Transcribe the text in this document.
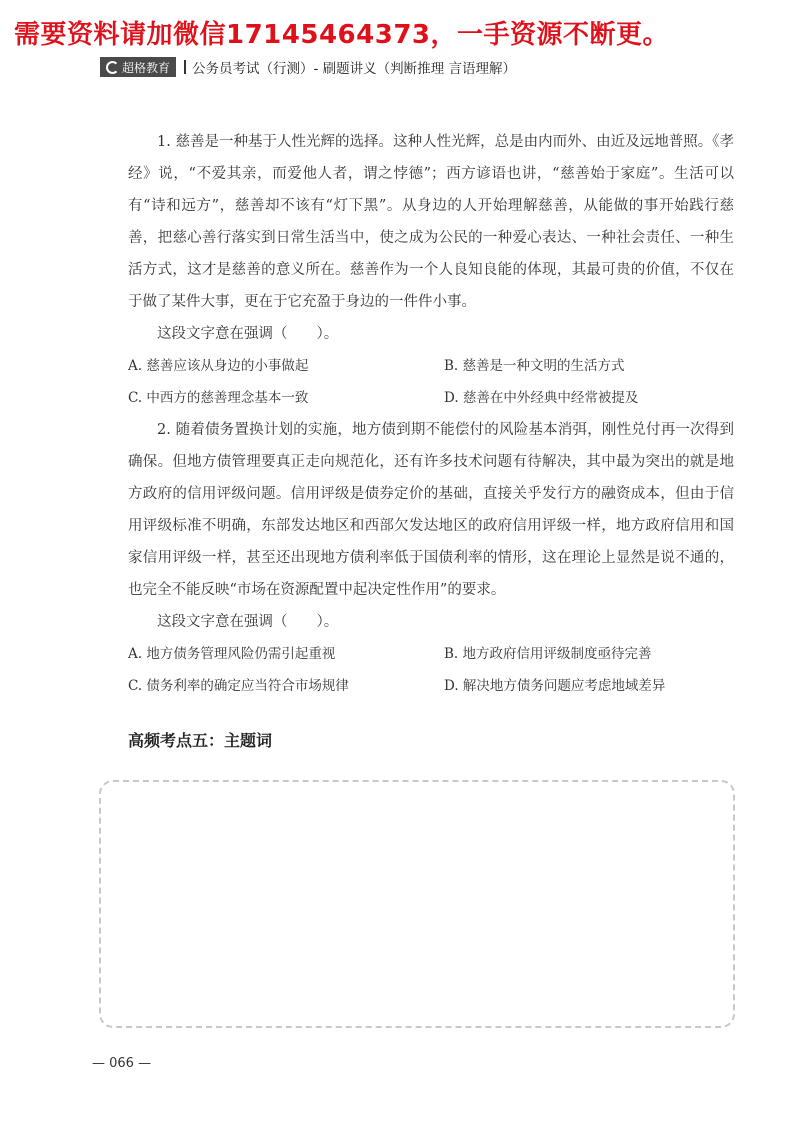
需要资料请加微信17145464373，一手资源不断更。
超格教育 公务员考试（行测）- 刷题讲义（判断推理 言语理解）

1. 慈善是一种基于人性光辉的选择。这种人性光辉，总是由内而外、由近及远地普照。《孝经》说，“不爱其亲，而爱他人者，谓之悖德”；西方谚语也讲，“慈善始于家庭”。生活可以有“诗和远方”，慈善却不该有“灯下黑”。从身边的人开始理解慈善，从能做的事开始践行慈善，把慈心善行落实到日常生活当中，使之成为公民的一种爱心表达、一种社会责任、一种生活方式，这才是慈善的意义所在。慈善作为一个人良知良能的体现，其最可贵的价值，不仅在于做了某件大事，更在于它充盈于身边的一件件小事。

这段文字意在强调（　　）。

A. 慈善应该从身边的小事做起	B. 慈善是一种文明的生活方式
C. 中西方的慈善理念基本一致	D. 慈善在中外经典中经常被提及

2. 随着债务置换计划的实施，地方债到期不能偿付的风险基本消弭，刚性兑付再一次得到确保。但地方债管理要真正走向规范化，还有许多技术问题有待解决，其中最为突出的就是地方政府的信用评级问题。信用评级是债券定价的基础，直接关乎发行方的融资成本，但由于信用评级标准不明确，东部发达地区和西部欠发达地区的政府信用评级一样，地方政府信用和国家信用评级一样，甚至还出现地方债利率低于国债利率的情形，这在理论上显然是说不通的，也完全不能反映“市场在资源配置中起决定性作用”的要求。

这段文字意在强调（　　）。

A. 地方债务管理风险仍需引起重视	B. 地方政府信用评级制度亟待完善
C. 债务利率的确定应当符合市场规律	D. 解决地方债务问题应考虑地域差异
高频考点五：主题词
— 066 —
